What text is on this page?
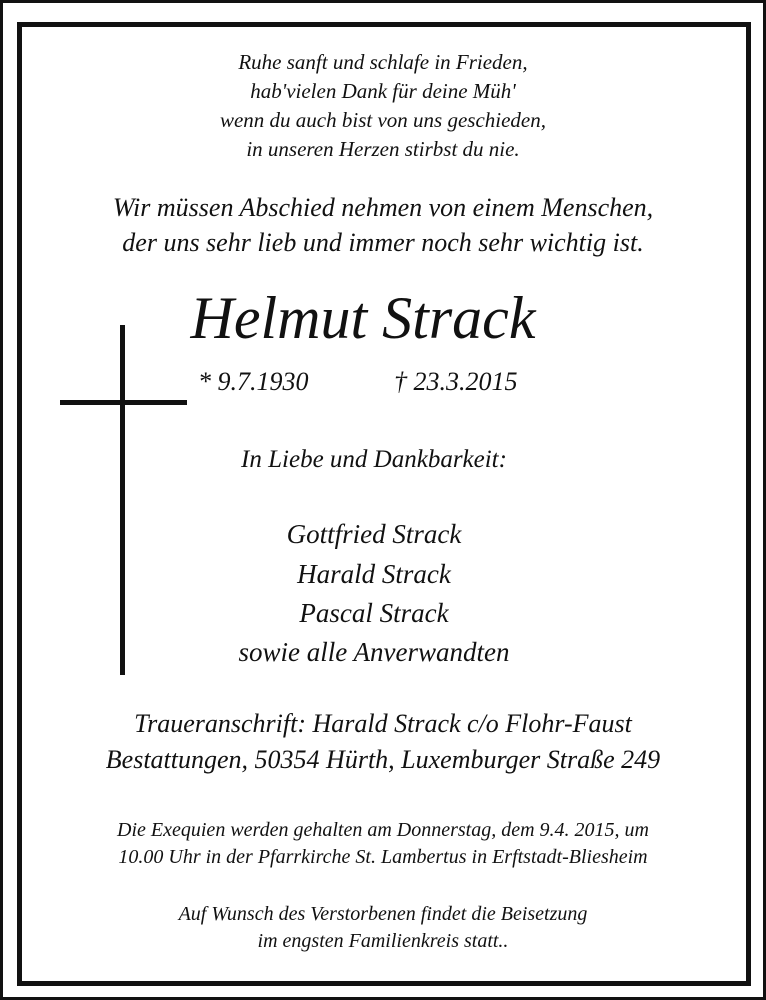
Ruhe sanft und schlafe in Frieden,
hab'vielen Dank für deine Müh'
wenn du auch bist von uns geschieden,
in unseren Herzen stirbst du nie.
Wir müssen Abschied nehmen von einem Menschen,
der uns sehr lieb und immer noch sehr wichtig ist.
Helmut Strack
* 9.7.1930	† 23.3.2015
In Liebe und Dankbarkeit:
Gottfried Strack
Harald Strack
Pascal Strack
sowie alle Anverwandten
Traueranschrift: Harald Strack c/o Flohr-Faust
Bestattungen, 50354 Hürth, Luxemburger Straße 249
Die Exequien werden gehalten am Donnerstag, dem 9.4. 2015, um
10.00 Uhr in der Pfarrkirche St. Lambertus in Erftstadt-Bliesheim
Auf Wunsch des Verstorbenen findet die Beisetzung
im engsten Familienkreis statt..
